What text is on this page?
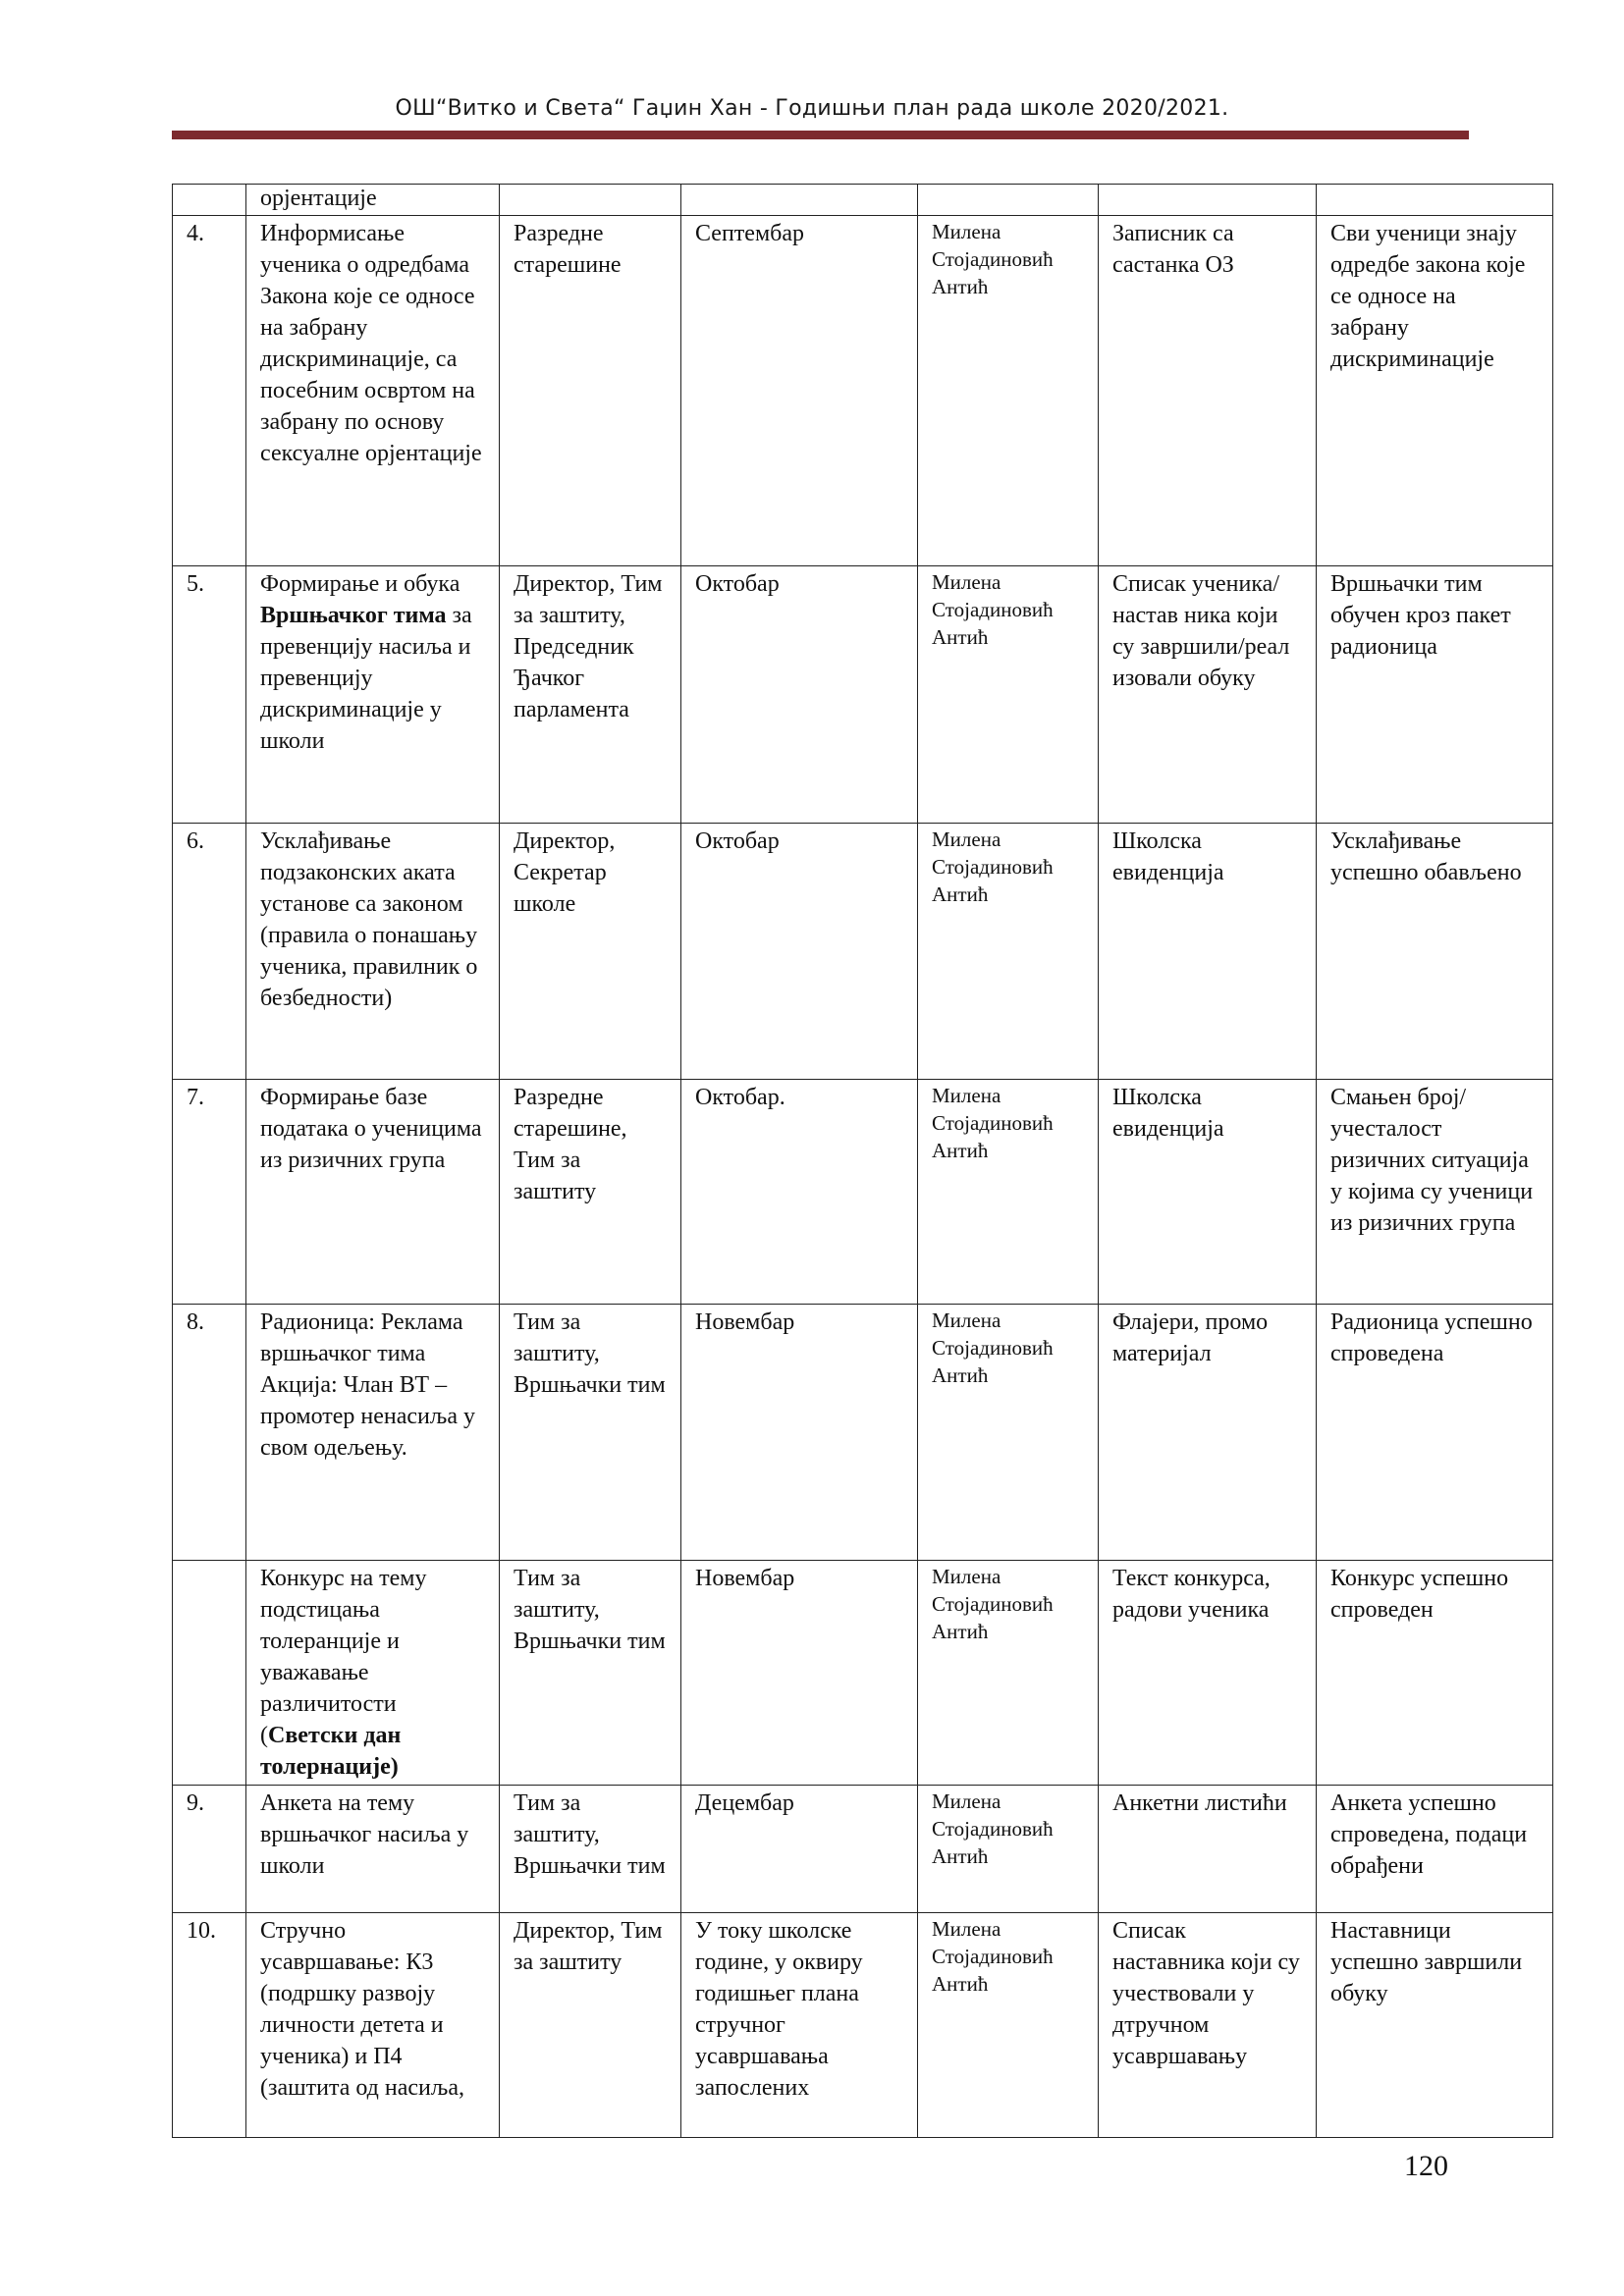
ОШ“Витко и Света“ Гаџин Хан - Годишњи план рада школе 2020/2021.
	орјентације					
4.	Информисање ученика о одредбама Закона које се односе на забрану дискриминације, са посебним освртом на забрану по основу сексуалне орјентације	Разредне старешине	Септембар	Милена Стојадиновић Антић	Записник са састанка ОЗ	Сви ученици знају одредбе закона које се односе на забрану дискриминације
5.	Формирање и обука Вршњачког тима за превенцију насиља и превенцију дискриминације у школи	Директор, Тим за заштиту, Председник Ђачког парламента	Октобар	Милена Стојадиновић Антић	Списак ученика/настав ника који су завршили/реал изовали обуку	Вршњачки тим обучен кроз пакет радионица
6.	Усклађивање подзаконских аката установе са законом (правила о понашању ученика, правилник о безбедности)	Директор, Секретар школе	Октобар	Милена Стојадиновић Антић	Школска евиденција	Усклађивање успешно обављено
7.	Формирање базе података о ученицима из ризичних група	Разредне старешине, Тим за заштиту	Октобар.	Милена Стојадиновић Антић	Школска евиденција	Смањен број/учесталост ризичних ситуација у којима су ученици из ризичних група
8.	Радионица: Реклама вршњачког тима Акција: Члан ВТ – промотер ненасиља у свом одељењу.	Тим за заштиту, Вршњачки тим	Новембар	Милена Стојадиновић Антић	Флајери, промо материјал	Радионица успешно спроведена
	Конкурс на тему подстицања толеранције и уважавање различитости (Светски дан толернације)	Тим за заштиту, Вршњачки тим	Новембар	Милена Стојадиновић Антић	Текст конкурса, радови ученика	Конкурс успешно спроведен
9.	Анкета на тему вршњачког насиља у школи	Тим за заштиту, Вршњачки тим	Децембар	Милена Стојадиновић Антић	Анкетни листићи	Анкета успешно спроведена, подаци обрађени
10.	Стручно усавршавање: К3 (подршку развоју личности детета и ученика) и П4 (заштита од насиља,	Директор, Тим за заштиту	У току школске године, у оквиру годишњег плана стручног усавршавања запослених	Милена Стојадиновић Антић	Списак наставника који су учествовали у дтручном усавршавању	Наставници успешно завршили обуку
120
